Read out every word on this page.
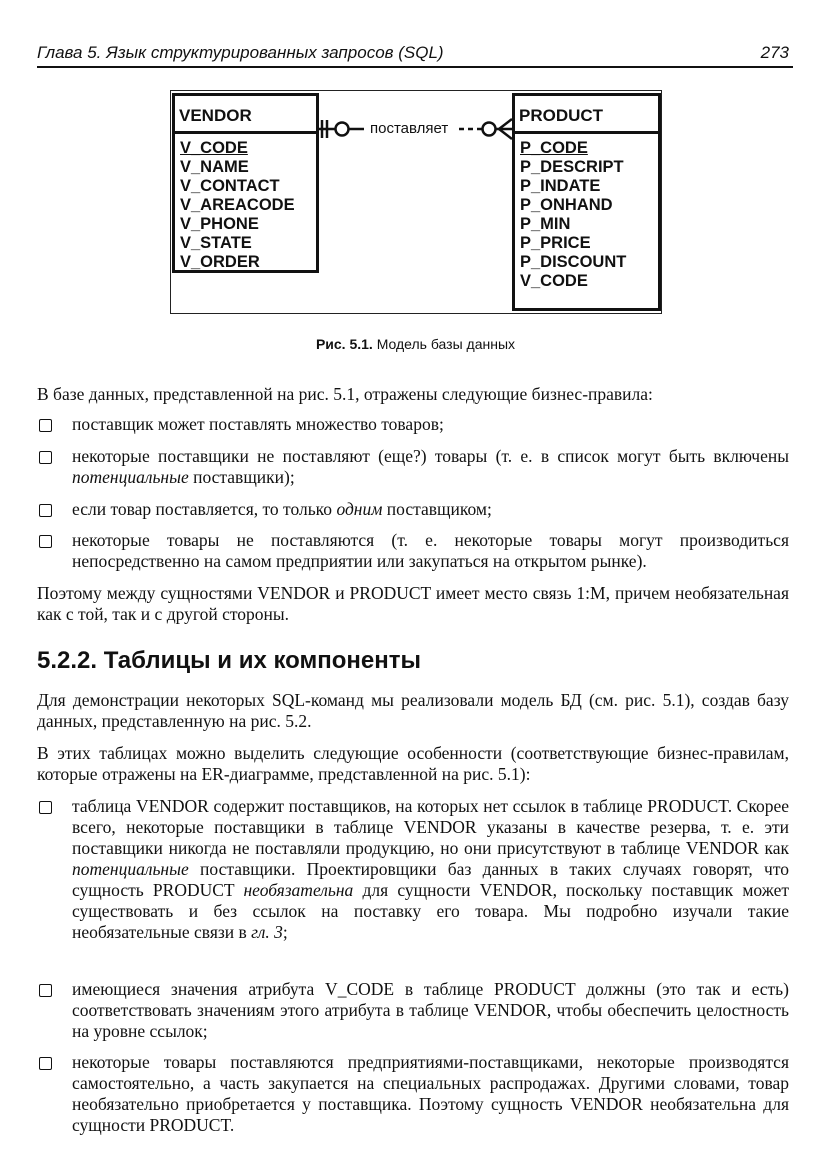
Глава 5. Язык структурированных запросов (SQL)	273
VENDOR
V_CODE
V_NAME
V_CONTACT
V_AREACODE
V_PHONE
V_STATE
V_ORDER
PRODUCT
P_CODE
P_DESCRIPT
P_INDATE
P_ONHAND
P_MIN
P_PRICE
P_DISCOUNT
V_CODE
поставляет
Рис. 5.1. Модель базы данных
В базе данных, представленной на рис. 5.1, отражены следующие бизнес-правила:
поставщик может поставлять множество товаров;
некоторые поставщики не поставляют (еще?) товары (т. е. в список могут быть включены потенциальные поставщики);
если товар поставляется, то только одним поставщиком;
некоторые товары не поставляются (т. е. некоторые товары могут производиться непосредственно на самом предприятии или закупаться на открытом рынке).
Поэтому между сущностями VENDOR и PRODUCT имеет место связь 1:M, причем необязательная как с той, так и с другой стороны.
5.2.2. Таблицы и их компоненты
Для демонстрации некоторых SQL-команд мы реализовали модель БД (см. рис. 5.1), создав базу данных, представленную на рис. 5.2.
В этих таблицах можно выделить следующие особенности (соответствующие бизнес-правилам, которые отражены на ER-диаграмме, представленной на рис. 5.1):
таблица VENDOR содержит поставщиков, на которых нет ссылок в таблице PRODUCT. Скорее всего, некоторые поставщики в таблице VENDOR указаны в качестве резерва, т. е. эти поставщики никогда не поставляли продукцию, но они присутствуют в таблице VENDOR как потенциальные поставщики. Проектировщики баз данных в таких случаях говорят, что сущность PRODUCT необязательна для сущности VENDOR, поскольку поставщик может существовать и без ссылок на поставку его товара. Мы подробно изучали такие необязательные связи в гл. 3;
имеющиеся значения атрибута V_CODE в таблице PRODUCT должны (это так и есть) соответствовать значениям этого атрибута в таблице VENDOR, чтобы обеспечить целостность на уровне ссылок;
некоторые товары поставляются предприятиями-поставщиками, некоторые производятся самостоятельно, а часть закупается на специальных распродажах. Другими словами, товар необязательно приобретается у поставщика. Поэтому сущность VENDOR необязательна для сущности PRODUCT.
